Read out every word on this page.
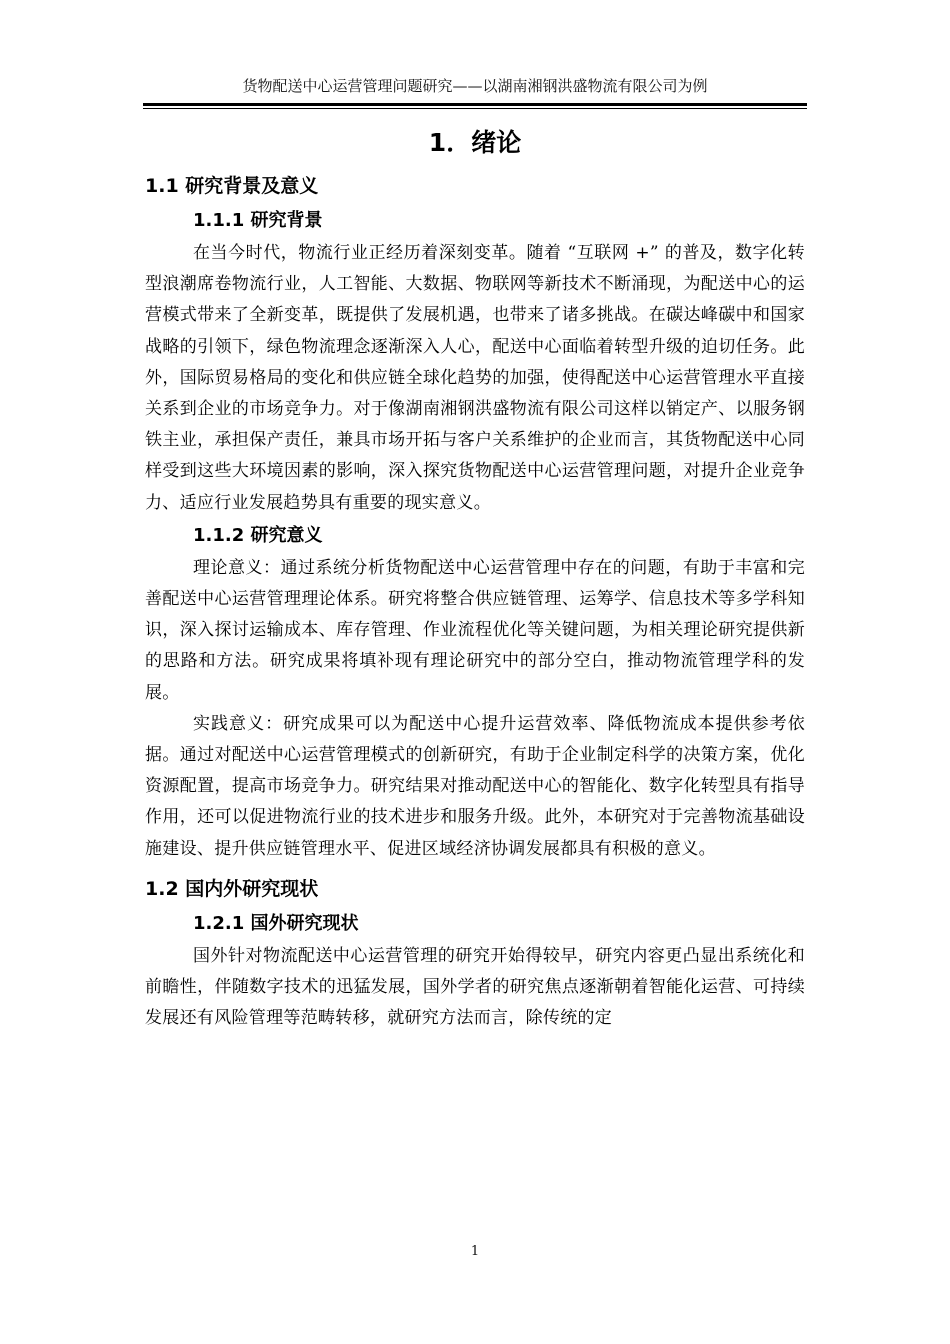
货物配送中心运营管理问题研究——以湖南湘钢洪盛物流有限公司为例
1．绪论
1.1 研究背景及意义
1.1.1 研究背景

在当今时代，物流行业正经历着深刻变革。随着 “互联网 +” 的普及，数字化转型浪潮席卷物流行业，人工智能、大数据、物联网等新技术不断涌现，为配送中心的运营模式带来了全新变革，既提供了发展机遇，也带来了诸多挑战。在碳达峰碳中和国家战略的引领下，绿色物流理念逐渐深入人心，配送中心面临着转型升级的迫切任务。此外，国际贸易格局的变化和供应链全球化趋势的加强，使得配送中心运营管理水平直接关系到企业的市场竞争力。对于像湖南湘钢洪盛物流有限公司这样以销定产、以服务钢铁主业，承担保产责任，兼具市场开拓与客户关系维护的企业而言，其货物配送中心同样受到这些大环境因素的影响，深入探究货物配送中心运营管理问题，对提升企业竞争力、适应行业发展趋势具有重要的现实意义。

1.1.2 研究意义

理论意义：通过系统分析货物配送中心运营管理中存在的问题，有助于丰富和完善配送中心运营管理理论体系。研究将整合供应链管理、运筹学、信息技术等多学科知识，深入探讨运输成本、库存管理、作业流程优化等关键问题，为相关理论研究提供新的思路和方法。研究成果将填补现有理论研究中的部分空白，推动物流管理学科的发展。

实践意义：研究成果可以为配送中心提升运营效率、降低物流成本提供参考依据。通过对配送中心运营管理模式的创新研究，有助于企业制定科学的决策方案，优化资源配置，提高市场竞争力。研究结果对推动配送中心的智能化、数字化转型具有指导作用，还可以促进物流行业的技术进步和服务升级。此外，本研究对于完善物流基础设施建设、提升供应链管理水平、促进区域经济协调发展都具有积极的意义。

1.2 国内外研究现状
1.2.1 国外研究现状

国外针对物流配送中心运营管理的研究开始得较早，研究内容更凸显出系统化和前瞻性，伴随数字技术的迅猛发展，国外学者的研究焦点逐渐朝着智能化运营、可持续发展还有风险管理等范畴转移，就研究方法而言，除传统的定

1
